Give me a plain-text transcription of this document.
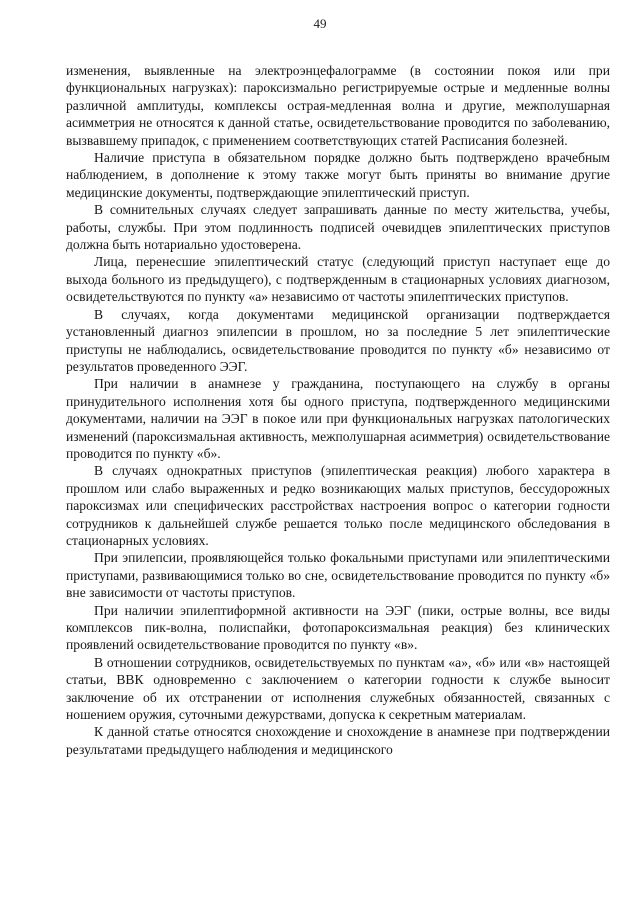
49

изменения, выявленные на электроэнцефалограмме (в состоянии покоя или при функциональных нагрузках): пароксизмально регистрируемые острые и медленные волны различной амплитуды, комплексы острая-медленная волна и другие, межполушарная асимметрия не относятся к данной статье, освидетельствование проводится по заболеванию, вызвавшему припадок, с применением соответствующих статей Расписания болезней.

Наличие приступа в обязательном порядке должно быть подтверждено врачебным наблюдением, в дополнение к этому также могут быть приняты во внимание другие медицинские документы, подтверждающие эпилептический приступ.

В сомнительных случаях следует запрашивать данные по месту жительства, учебы, работы, службы. При этом подлинность подписей очевидцев эпилептических приступов должна быть нотариально удостоверена.

Лица, перенесшие эпилептический статус (следующий приступ наступает еще до выхода больного из предыдущего), с подтвержденным в стационарных условиях диагнозом, освидетельствуются по пункту «а» независимо от частоты эпилептических приступов.

В случаях, когда документами медицинской организации подтверждается установленный диагноз эпилепсии в прошлом, но за последние 5 лет эпилептические приступы не наблюдались, освидетельствование проводится по пункту «б» независимо от результатов проведенного ЭЭГ.

При наличии в анамнезе у гражданина, поступающего на службу в органы принудительного исполнения хотя бы одного приступа, подтвержденного медицинскими документами, наличии на ЭЭГ в покое или при функциональных нагрузках патологических изменений (пароксизмальная активность, межполушарная асимметрия) освидетельствование проводится по пункту «б».

В случаях однократных приступов (эпилептическая реакция) любого характера в прошлом или слабо выраженных и редко возникающих малых приступов, бессудорожных пароксизмах или специфических расстройствах настроения вопрос о категории годности сотрудников к дальнейшей службе решается только после медицинского обследования в стационарных условиях.

При эпилепсии, проявляющейся только фокальными приступами или эпилептическими приступами, развивающимися только во сне, освидетельствование проводится по пункту «б» вне зависимости от частоты приступов.

При наличии эпилептиформной активности на ЭЭГ (пики, острые волны, все виды комплексов пик-волна, полиспайки, фотопароксизмальная реакция) без клинических проявлений освидетельствование проводится по пункту «в».

В отношении сотрудников, освидетельствуемых по пунктам «а», «б» или «в» настоящей статьи, ВВК одновременно с заключением о категории годности к службе выносит заключение об их отстранении от исполнения служебных обязанностей, связанных с ношением оружия, суточными дежурствами, допуска к секретным материалам.

К данной статье относятся снохождение и снохождение в анамнезе при подтверждении результатами предыдущего наблюдения и медицинского
